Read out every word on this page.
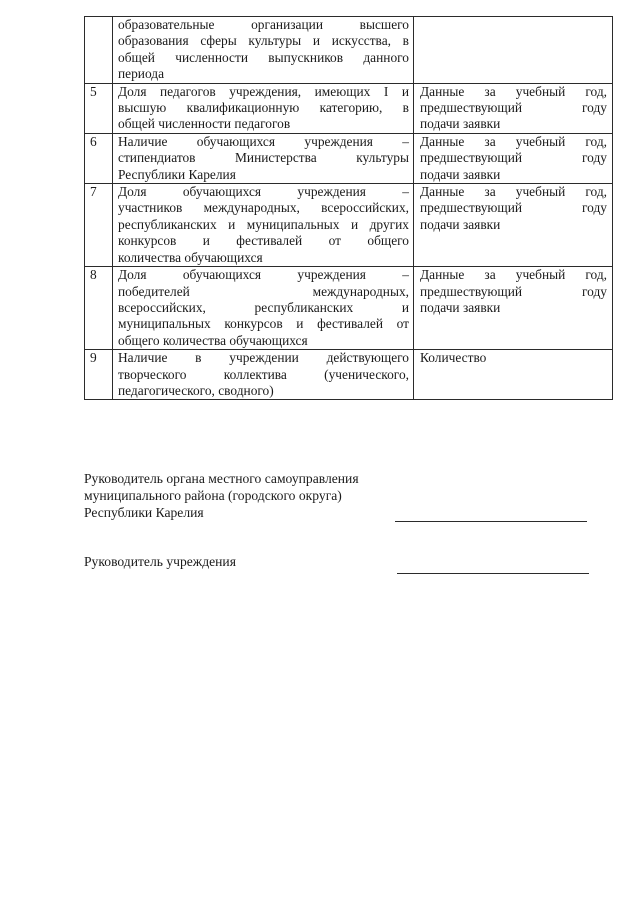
	образовательные организации высшего
образования сферы культуры и искусства, в
общей численности выпускников данного
периода	

5	Доля педагогов учреждения, имеющих I и
высшую квалификационную категорию, в
общей численности педагогов	Данные за учебный год,
предшествующий году
подачи заявки

6	Наличие обучающихся учреждения –
стипендиатов Министерства культуры
Республики Карелия	Данные за учебный год,
предшествующий году
подачи заявки

7	Доля обучающихся учреждения –
участников международных, всероссийских,
республиканских и муниципальных и других
конкурсов и фестивалей от общего
количества обучающихся	Данные за учебный год,
предшествующий году
подачи заявки

8	Доля обучающихся учреждения –
победителей международных,
всероссийских, республиканских и
муниципальных конкурсов и фестивалей от
общего количества обучающихся	Данные за учебный год,
предшествующий году
подачи заявки

9	Наличие в учреждении действующего
творческого коллектива (ученического,
педагогического, сводного)	Количество
Руководитель органа местного самоуправления
муниципального района (городского округа)
Республики Карелия
Руководитель учреждения
